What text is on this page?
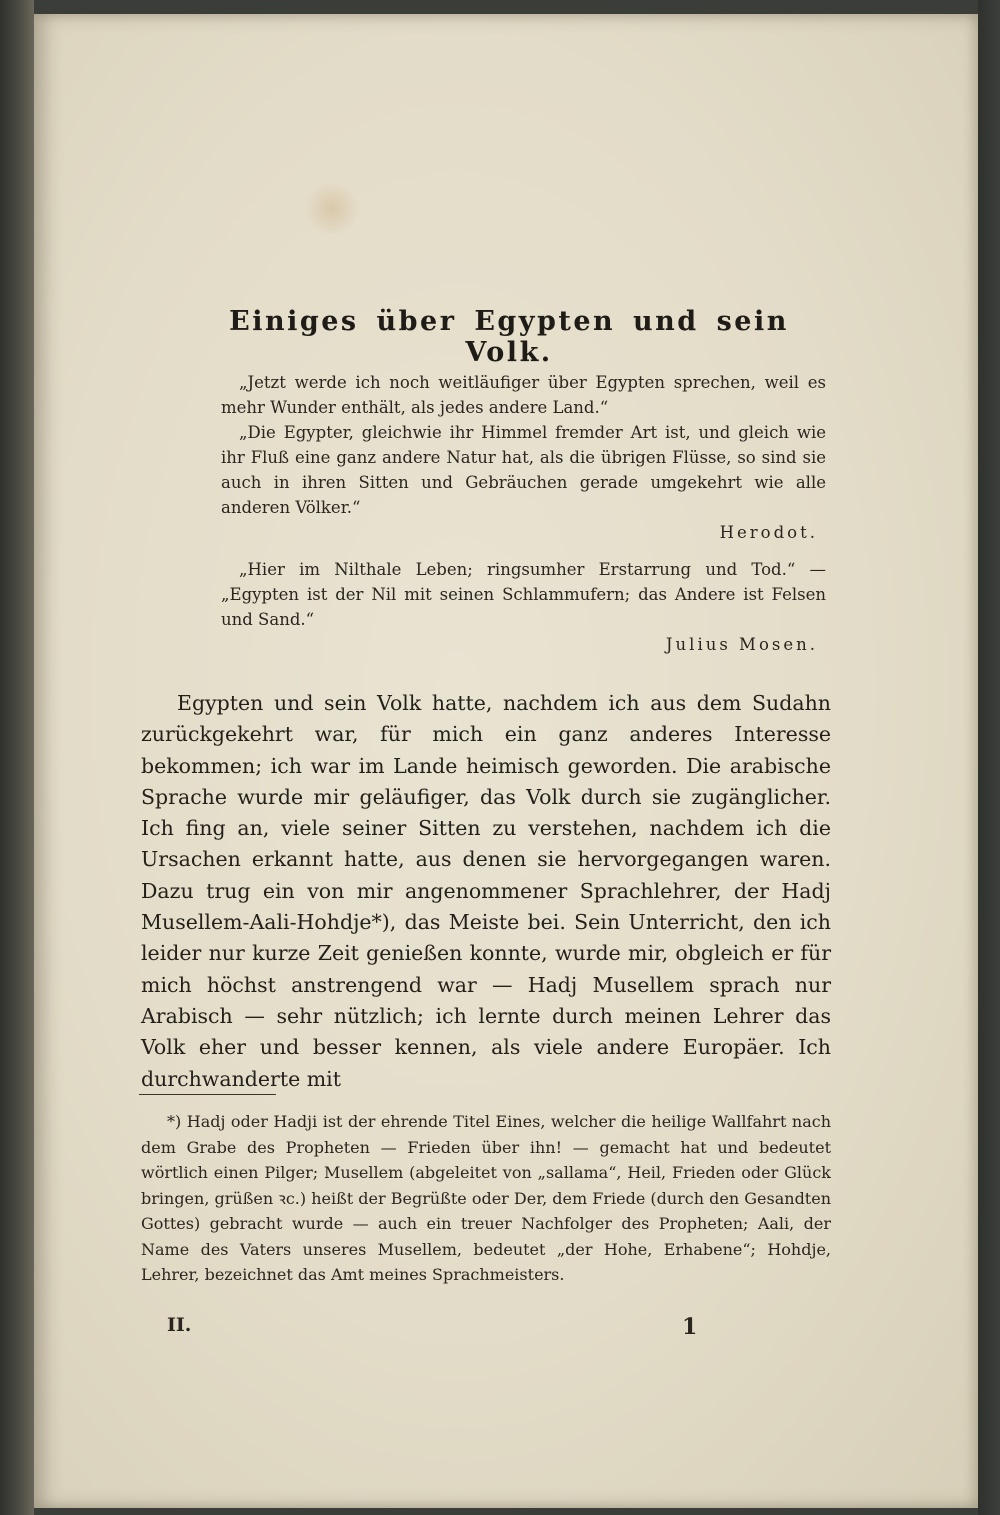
Einiges über Egypten und sein Volk.
„Jetzt werde ich noch weitläufiger über Egypten sprechen, weil es mehr Wunder enthält, als jedes andere Land.“
„Die Egypter, gleichwie ihr Himmel fremder Art ist, und gleich wie ihr Fluß eine ganz andere Natur hat, als die übrigen Flüsse, so sind sie auch in ihren Sitten und Gebräuchen gerade umgekehrt wie alle anderen Völker.“
Herodot.
„Hier im Nilthale Leben; ringsumher Erstarrung und Tod.“ — „Egypten ist der Nil mit seinen Schlammufern; das Andere ist Felsen und Sand.“
Julius Mosen.
Egypten und sein Volk hatte, nachdem ich aus dem Sudahn zurückgekehrt war, für mich ein ganz anderes Interesse bekommen; ich war im Lande heimisch geworden. Die arabische Sprache wurde mir geläufiger, das Volk durch sie zugänglicher. Ich fing an, viele seiner Sitten zu verstehen, nachdem ich die Ursachen erkannt hatte, aus denen sie hervorgegangen waren. Dazu trug ein von mir angenommener Sprachlehrer, der Hadj Musellem-Aali-Hohdje*), das Meiste bei. Sein Unterricht, den ich leider nur kurze Zeit genießen konnte, wurde mir, obgleich er für mich höchst anstrengend war — Hadj Musellem sprach nur Arabisch — sehr nützlich; ich lernte durch meinen Lehrer das Volk eher und besser kennen, als viele andere Europäer. Ich durchwanderte mit
*) Hadj oder Hadji ist der ehrende Titel Eines, welcher die heilige Wallfahrt nach dem Grabe des Propheten — Frieden über ihn! — gemacht hat und bedeutet wörtlich einen Pilger; Musellem (abgeleitet von „sallama“, Heil, Frieden oder Glück bringen, grüßen ꝛc.) heißt der Begrüßte oder Der, dem Friede (durch den Gesandten Gottes) gebracht wurde — auch ein treuer Nachfolger des Propheten; Aali, der Name des Vaters unseres Musellem, bedeutet „der Hohe, Erhabene“; Hohdje, Lehrer, bezeichnet das Amt meines Sprachmeisters.
II.	1
